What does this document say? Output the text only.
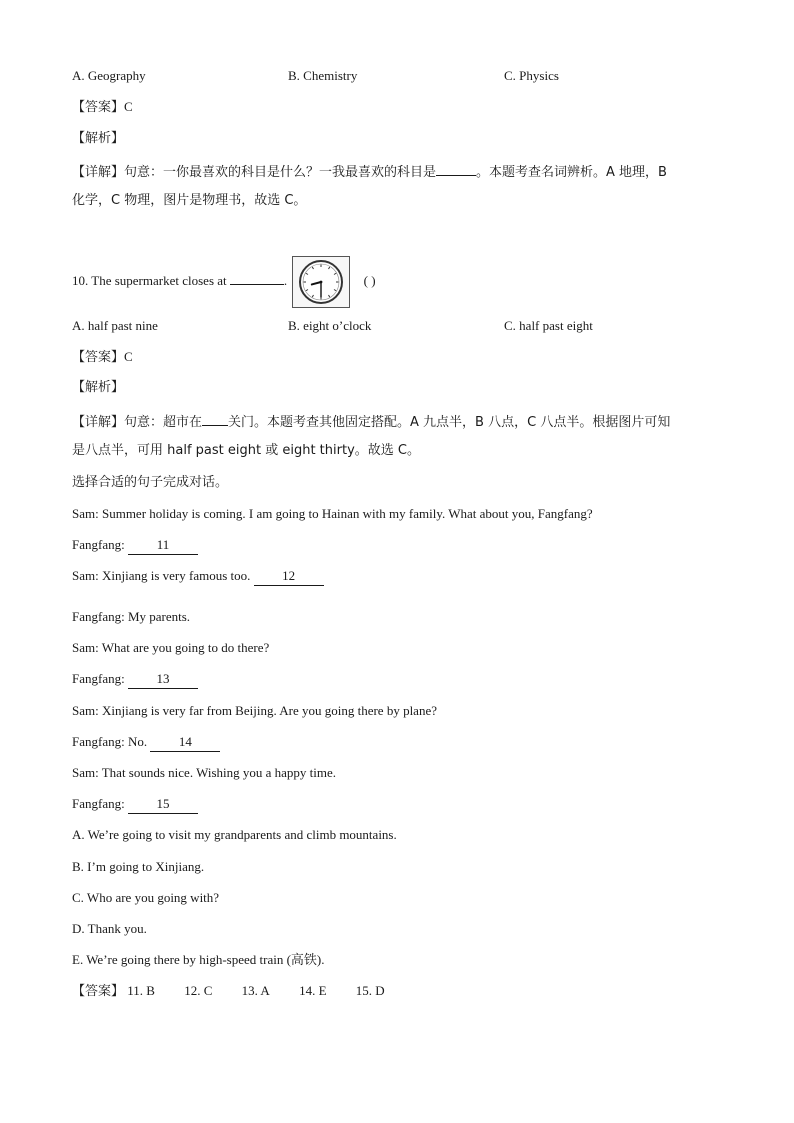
A. Geography	B. Chemistry	C. Physics
【答案】C
【解析】
【详解】句意：一你最喜欢的科目是什么？一我最喜欢的科目是	。本题考查名词辨析。A 地理，B
化学，C 物理，图片是物理书，故选 C。
10. The supermarket closes at	.	( )
A. half past nine	B. eight o’clock	C. half past eight
【答案】C
【解析】
【详解】句意：超市在 关门。本题考查其他固定搭配。A 九点半，B 八点，C 八点半。根据图片可知
是八点半，可用 half past eight 或 eight thirty。故选 C。
选择合适的句子完成对话。
Sam: Summer holiday is coming. I am going to Hainan with my family. What about you, Fangfang?
Fangfang: 11
Sam: Xinjiang is very famous too. 12
Fangfang: My parents.
Sam: What are you going to do there?
Fangfang: 13
Sam: Xinjiang is very far from Beijing. Are you going there by plane?
Fangfang: No. 14
Sam: That sounds nice. Wishing you a happy time.
Fangfang: 15
A. We’re going to visit my grandparents and climb mountains.
B. I’m going to Xinjiang.
C. Who are you going with?
D. Thank you.
E. We’re going there by high-speed train (高铁).
【答案】 11. B 12. C 13. A 14. E 15. D
